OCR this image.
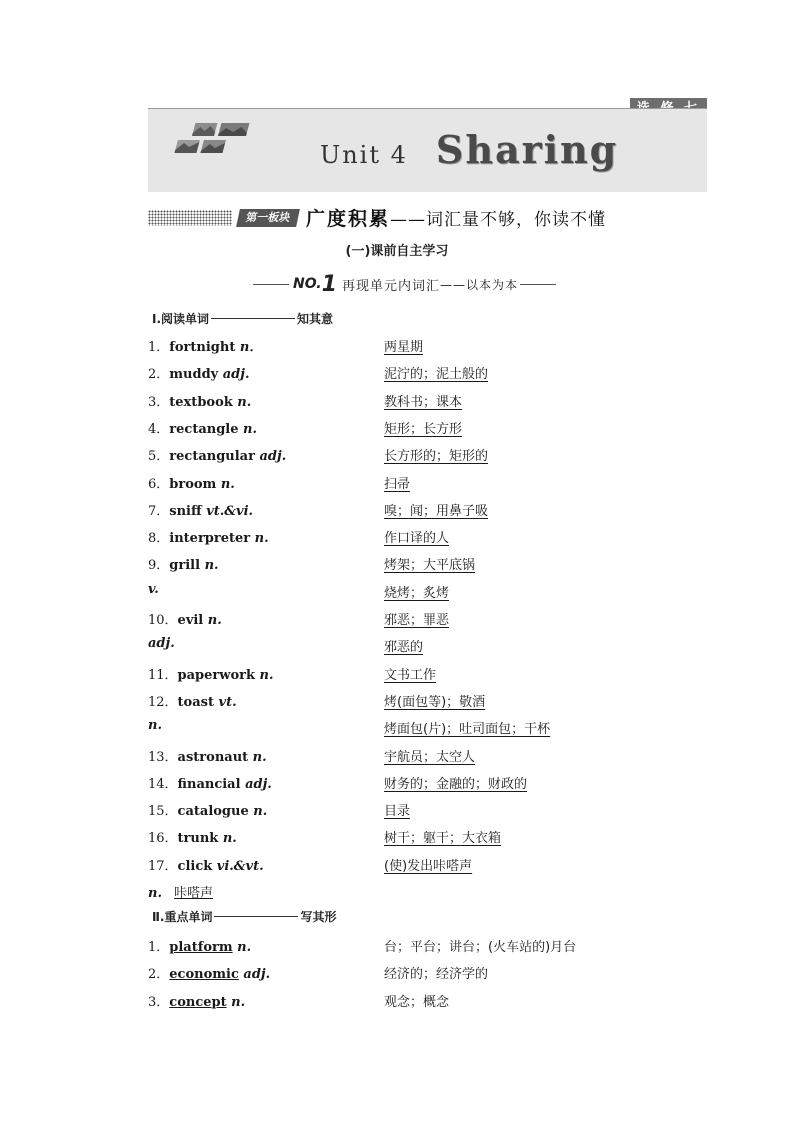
Unit 4 Sharing
第一板块 广度积累——词汇量不够，你读不懂
(一)课前自主学习
NO. 1 再现单元内词汇 ——以本为本
Ⅰ.阅读单词	知其意
1．fortnight n．	两星期
2．muddy adj.	泥泞的；泥土般的
3．textbook n.	教科书；课本
4．rectangle n.	矩形；长方形
5．rectangular adj.	长方形的；矩形的
6．broom n.	扫帚
7．sniff vt.&vi.	嗅；闻；用鼻子吸
8．interpreter n.	作口译的人
9．grill n.	烤架；大平底锅
v.	烧烤；炙烤
10．evil n.	邪恶；罪恶
adj.	邪恶的
11．paperwork n.	文书工作
12．toast vt.	烤(面包等)；敬酒
n.	烤面包(片)；吐司面包；干杯
13．astronaut n.	宇航员；太空人
14．financial adj.	财务的；金融的；财政的
15．catalogue n.	目录
16．trunk n.	树干；躯干；大衣箱
17．click vi.&vt.	(使)发出咔嗒声
n. 咔嗒声
Ⅱ.重点单词	写其形
1．platform n.	台；平台；讲台；(火车站的)月台
2．economic adj.	经济的；经济学的
3．concept n.	观念；概念
